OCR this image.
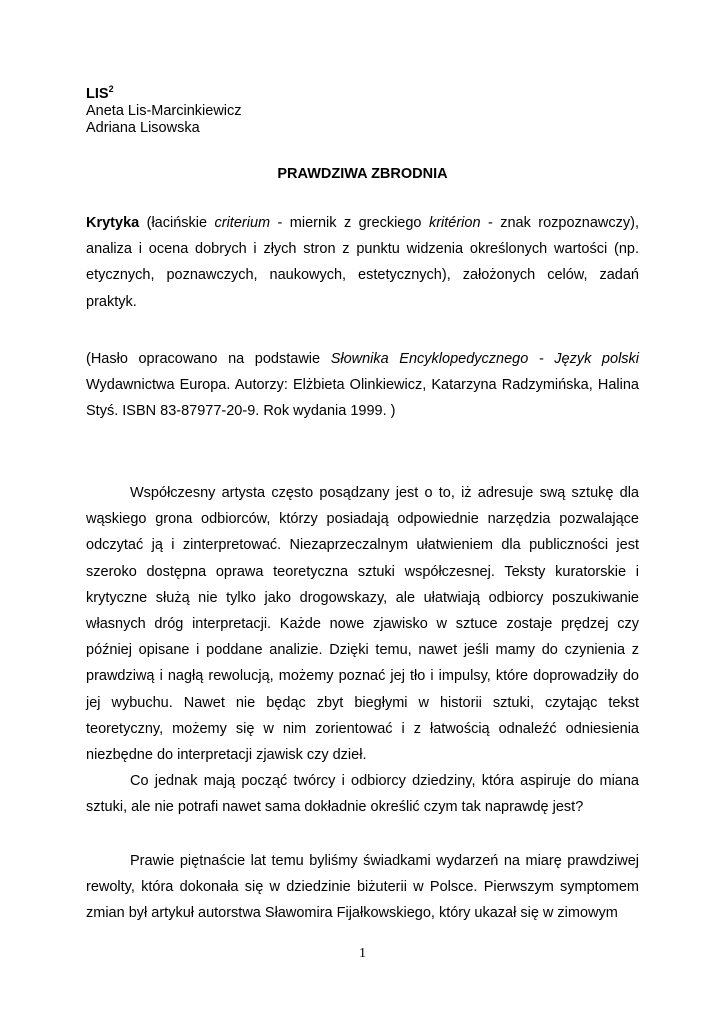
LIS$^2$
Aneta Lis-Marcinkiewicz
Adriana Lisowska
PRAWDZIWA ZBRODNIA
Krytyka (łacińskie criterium - miernik z greckiego kritérion - znak rozpoznawczy), analiza i ocena dobrych i złych stron z punktu widzenia określonych wartości (np. etycznych, poznawczych, naukowych, estetycznych), założonych celów, zadań praktyk.
(Hasło opracowano na podstawie Słownika Encyklopedycznego - Język polski Wydawnictwa Europa. Autorzy: Elżbieta Olinkiewicz, Katarzyna Radzymińska, Halina Styś. ISBN 83-87977-20-9. Rok wydania 1999. )
Współczesny artysta często posądzany jest o to, iż adresuje swą sztukę dla wąskiego grona odbiorców, którzy posiadają odpowiednie narzędzia pozwalające odczytać ją i zinterpretować. Niezaprzeczalnym ułatwieniem dla publiczności jest szeroko dostępna oprawa teoretyczna sztuki współczesnej. Teksty kuratorskie i krytyczne służą nie tylko jako drogowskazy, ale ułatwiają odbiorcy poszukiwanie własnych dróg interpretacji. Każde nowe zjawisko w sztuce zostaje prędzej czy później opisane i poddane analizie. Dzięki temu, nawet jeśli mamy do czynienia z prawdziwą i nagłą rewolucją, możemy poznać jej tło i impulsy, które doprowadziły do jej wybuchu. Nawet nie będąc zbyt biegłymi w historii sztuki, czytając tekst teoretyczny, możemy się w nim zorientować i z łatwością odnaleźć odniesienia niezbędne do interpretacji zjawisk czy dzieł.
Co jednak mają począć twórcy i odbiorcy dziedziny, która aspiruje do miana sztuki, ale nie potrafi nawet sama dokładnie określić czym tak naprawdę jest?
Prawie piętnaście lat temu byliśmy świadkami wydarzeń na miarę prawdziwej rewolty, która dokonała się w dziedzinie biżuterii w Polsce. Pierwszym symptomem zmian był artykuł autorstwa Sławomira Fijałkowskiego, który ukazał się w zimowym
1
